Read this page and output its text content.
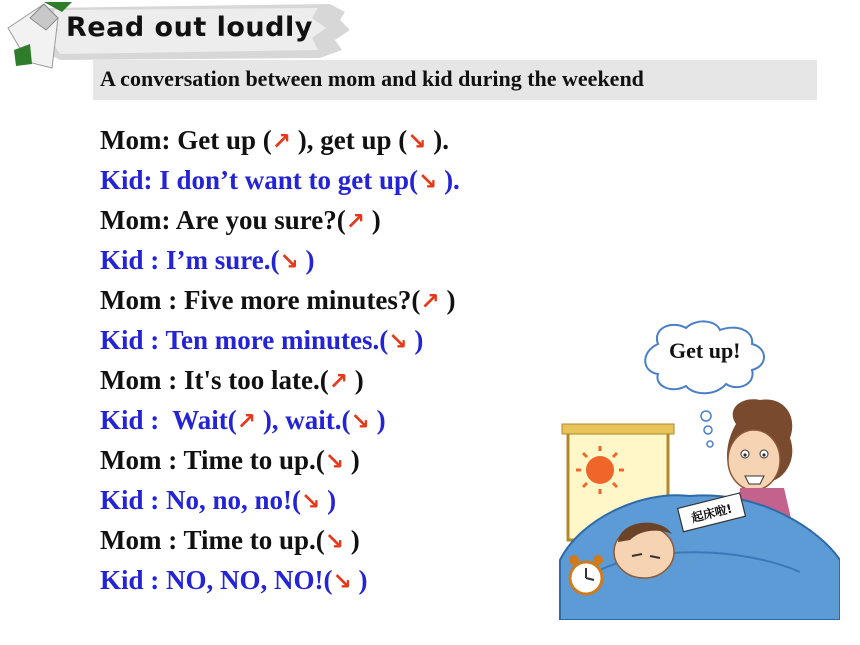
Read out loudly
A conversation between mom and kid during the weekend
Mom: Get up (↗ ), get up (↘ ).
Kid: I don’t want to get up(↘ ).
Mom: Are you sure?(↗ )
Kid : I’m sure.(↘ )
Mom : Five more minutes?(↗ )
Kid : Ten more minutes.(↘ )
Mom : It's too late.(↗ )
Kid :  Wait(↗ ), wait.(↘ )
Mom : Time to up.(↘ )
Kid : No, no, no!(↘ )
Mom : Time to up.(↘ )
Kid : NO, NO, NO!(↘ )
起床啦!
Get up!
